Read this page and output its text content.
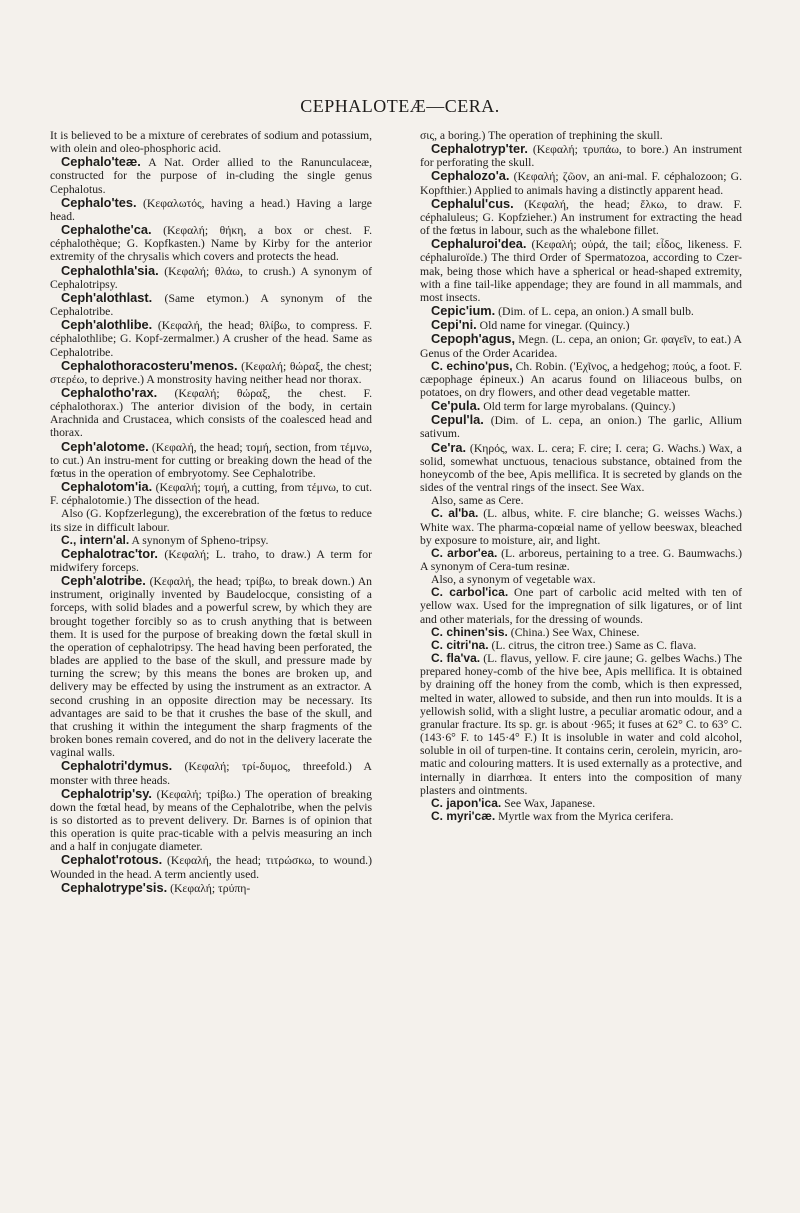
CEPHALOTEÆ—CERA.

It is believed to be a mixture of cerebrates of sodium and potassium, with olein and oleo-phosphoric acid.

Cephalo'teæ. A Nat. Order allied to the Ranunculaceæ, constructed for the purpose of in-cluding the single genus Cephalotus.

Cephalo'tes. (Κεφαλωτός, having a head.) Having a large head.

Cephalothe'ca. (Κεφαλή; θήκη, a box or chest. F. céphalothèque; G. Kopfkasten.) Name by Kirby for the anterior extremity of the chrysalis which covers and protects the head.

Cephalothla'sia. (Κεφαλή; θλάω, to crush.) A synonym of Cephalotripsy.

Ceph'alothlast. (Same etymon.) A synonym of the Cephalotribe.

Ceph'alothlibe. (Κεφαλή, the head; θλίβω, to compress. F. céphalothlibe; G. Kopf-zermalmer.) A crusher of the head. Same as Cephalotribe.

Cephalothoracosteru'menos. (Κεφαλή; θώραξ, the chest; στερέω, to deprive.) A monstrosity having neither head nor thorax.

Cephalotho'rax. (Κεφαλή; θώραξ, the chest. F. céphalothorax.) The anterior division of the body, in certain Arachnida and Crustacea, which consists of the coalesced head and thorax.

Ceph'alotome. (Κεφαλή, the head; τομή, section, from τέμνω, to cut.) An instru-ment for cutting or breaking down the head of the fœtus in the operation of embryotomy. See Cephalotribe.

Cephalotom'ia. (Κεφαλή; τομή, a cutting, from τέμνω, to cut. F. céphalotomie.) The dissection of the head.

Also (G. Kopfzerlegung), the excerebration of the fœtus to reduce its size in difficult labour.

C., intern'al. A synonym of Spheno-tripsy.

Cephalotrac'tor. (Κεφαλή; L. traho, to draw.) A term for midwifery forceps.

Ceph'alotribe. (Κεφαλή, the head; τρίβω, to break down.) An instrument, originally invented by Baudelocque, consisting of a forceps, with solid blades and a powerful screw, by which they are brought together forcibly so as to crush anything that is between them. It is used for the purpose of breaking down the fœtal skull in the operation of cephalotripsy. The head having been perforated, the blades are applied to the base of the skull, and pressure made by turning the screw; by this means the bones are broken up, and delivery may be effected by using the instrument as an extractor. A second crushing in an opposite direction may be necessary. Its advantages are said to be that it crushes the base of the skull, and that crushing it within the integument the sharp fragments of the broken bones remain covered, and do not in the delivery lacerate the vaginal walls.

Cephalotri'dymus. (Κεφαλή; τρί-δυμος, threefold.) A monster with three heads.

Cephalotrip'sy. (Κεφαλή; τρίβω.) The operation of breaking down the fœtal head, by means of the Cephalotribe, when the pelvis is so distorted as to prevent delivery. Dr. Barnes is of opinion that this operation is quite prac-ticable with a pelvis measuring an inch and a half in conjugate diameter.

Cephalot'rotous. (Κεφαλή, the head; τιτρώσκω, to wound.) Wounded in the head. A term anciently used.

Cephalotrype'sis. (Κεφαλή; τρύπη-

σις, a boring.) The operation of trephining the skull.

Cephalotryp'ter. (Κεφαλή; τρυπάω, to bore.) An instrument for perforating the skull.

Cephalozo'a. (Κεφαλή; ζῶον, an ani-mal. F. céphalozoon; G. Kopfthier.) Applied to animals having a distinctly apparent head.

Cephalul'cus. (Κεφαλή, the head; ἕλκω, to draw. F. céphaluleus; G. Kopfzieher.) An instrument for extracting the head of the fœtus in labour, such as the whalebone fillet.

Cephaluroi'dea. (Κεφαλή; οὐρά, the tail; εἶδος, likeness. F. céphaluroïde.) The third Order of Spermatozoa, according to Czer-mak, being those which have a spherical or head-shaped extremity, with a fine tail-like appendage; they are found in all mammals, and most insects.

Cepic'ium. (Dim. of L. cepa, an onion.) A small bulb.

Cepi'ni. Old name for vinegar. (Quincy.)

Cepoph'agus, Megn. (L. cepa, an onion; Gr. φαγεῖν, to eat.) A Genus of the Order Acaridea.

C. echino'pus, Ch. Robin. ('Εχῖνος, a hedgehog; πούς, a foot. F. cæpophage épineux.) An acarus found on liliaceous bulbs, on potatoes, on dry flowers, and other dead vegetable matter.

Ce'pula. Old term for large myrobalans. (Quincy.)

Cepul'la. (Dim. of L. cepa, an onion.) The garlic, Allium sativum.

Ce'ra. (Κηρός, wax. L. cera; F. cire; I. cera; G. Wachs.) Wax, a solid, somewhat unctuous, tenacious substance, obtained from the honeycomb of the bee, Apis mellifica. It is secreted by glands on the sides of the ventral rings of the insect. See Wax.

Also, same as Cere.

C. al'ba. (L. albus, white. F. cire blanche; G. weisses Wachs.) White wax. The pharma-copœial name of yellow beeswax, bleached by exposure to moisture, air, and light.

C. arbor'ea. (L. arboreus, pertaining to a tree. G. Baumwachs.) A synonym of Cera-tum resinæ.

Also, a synonym of vegetable wax.

C. carbol'ica. One part of carbolic acid melted with ten of yellow wax. Used for the impregnation of silk ligatures, or of lint and other materials, for the dressing of wounds.

C. chinen'sis. (China.) See Wax, Chinese.

C. citri'na. (L. citrus, the citron tree.) Same as C. flava.

C. fla'va. (L. flavus, yellow. F. cire jaune; G. gelbes Wachs.) The prepared honey-comb of the hive bee, Apis mellifica. It is obtained by draining off the honey from the comb, which is then expressed, melted in water, allowed to subside, and then run into moulds. It is a yellowish solid, with a slight lustre, a peculiar aromatic odour, and a granular fracture. Its sp. gr. is about ·965; it fuses at 62° C. to 63° C. (143·6° F. to 145·4° F.) It is insoluble in water and cold alcohol, soluble in oil of turpen-tine. It contains cerin, cerolein, myricin, aro-matic and colouring matters. It is used externally as a protective, and internally in diarrhœa. It enters into the composition of many plasters and ointments.

C. japon'ica. See Wax, Japanese.

C. myri'cæ. Myrtle wax from the Myrica cerifera.
